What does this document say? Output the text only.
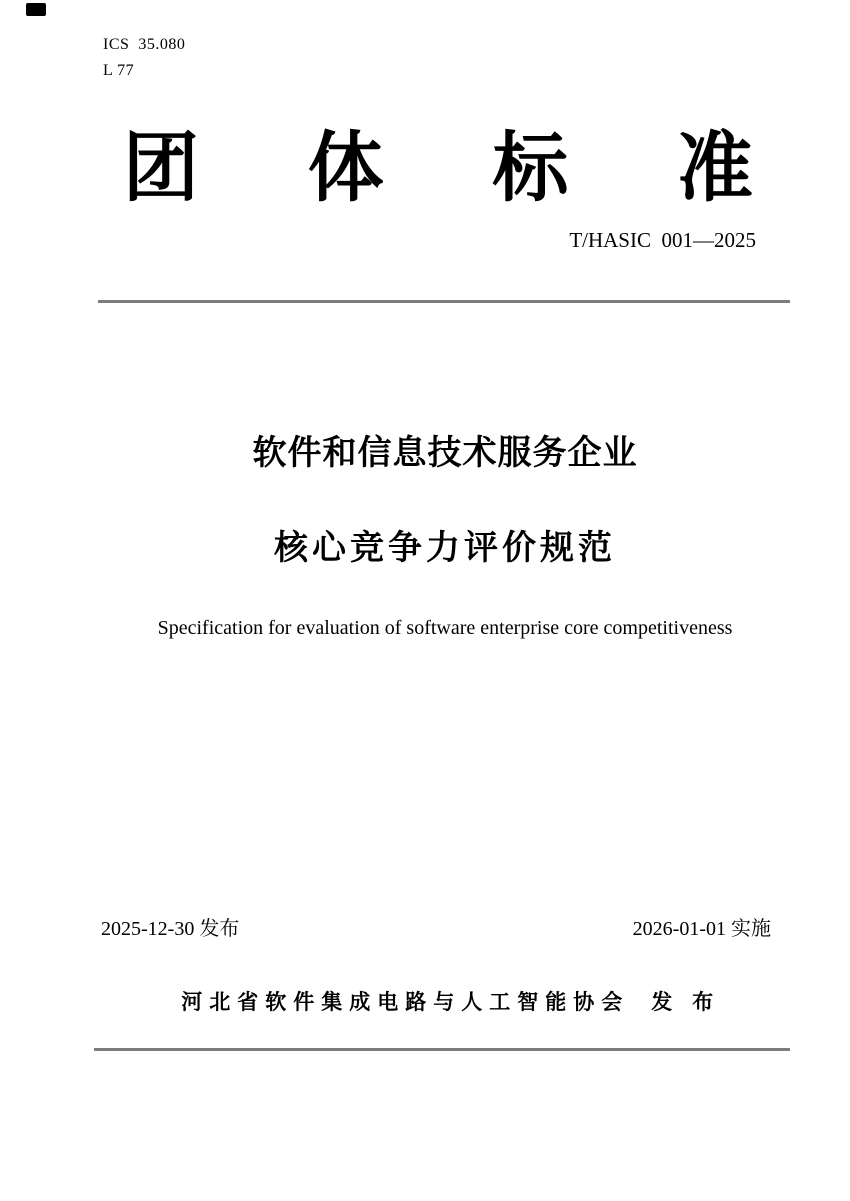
ICS  35.080
L 77
团 体 标 准
T/HASIC  001—2025
软件和信息技术服务企业
核心竞争力评价规范
Specification for evaluation of software enterprise core competitiveness
2025-12-30 发布	2026-01-01 实施

河北省软件集成电路与人工智能协会 发 布
